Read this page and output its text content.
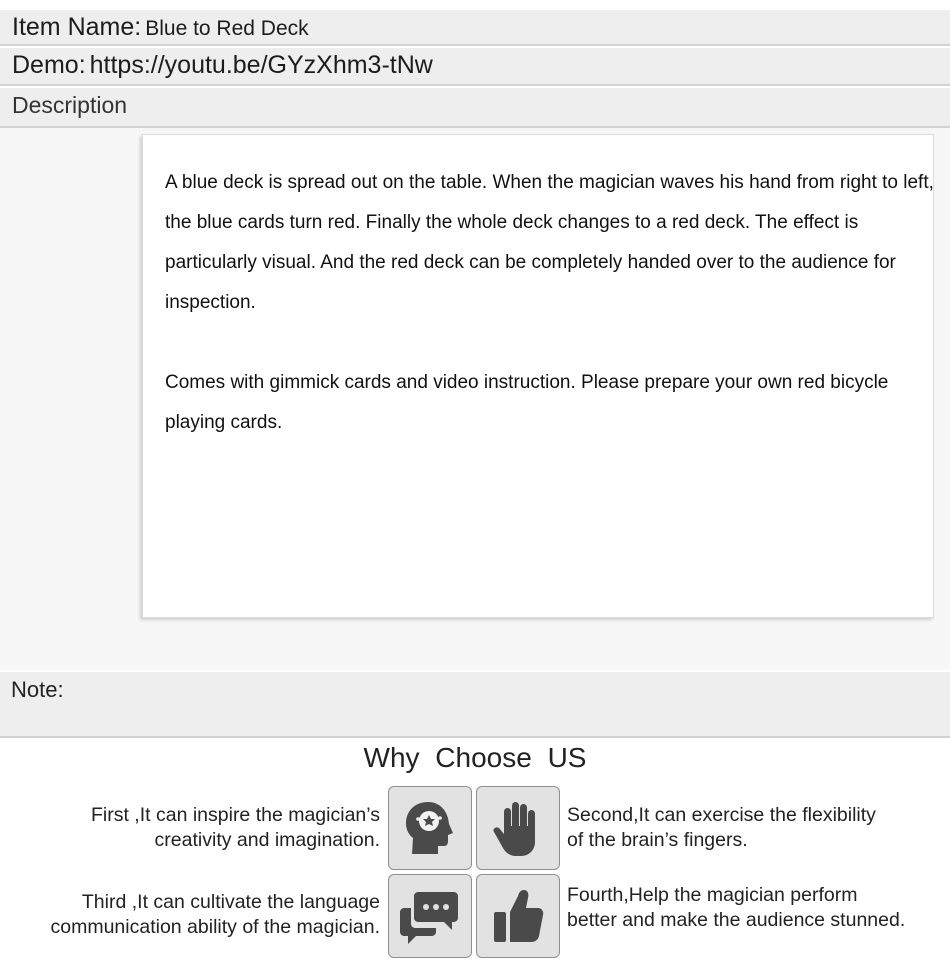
Item Name : Blue to Red Deck
Demo : https://youtu.be/GYzXhm3-tNw
Description
A blue deck is spread out on the table. When the magician waves his hand from right to left, the blue cards turn red. Finally the whole deck changes to a red deck. The effect is particularly visual. And the red deck can be completely handed over to the audience for inspection.
Comes with gimmick cards and video instruction. Please prepare your own red bicycle playing cards.
Note:
Why Choose US
First ,It can inspire the magician’s
creativity and imagination.
Second,It can exercise the flexibility
of the brain’s fingers.
Third ,It can cultivate the language
communication ability of the magician.
Fourth,Help the magician perform
better and make the audience stunned.
